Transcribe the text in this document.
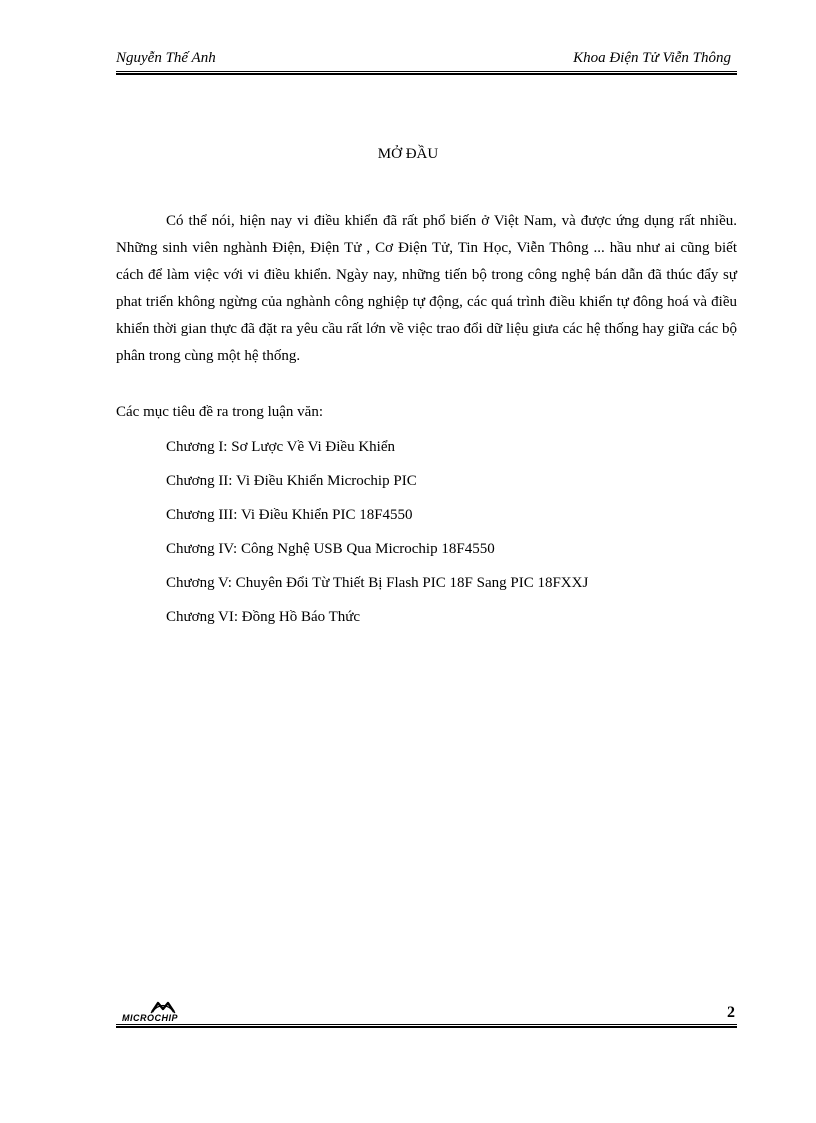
Nguyễn Thế Anh	Khoa Điện Tử Viễn Thông
MỞ ĐẦU

Có thể nói, hiện nay vi điều khiển đã rất phổ biến ở Việt Nam, và được ứng dụng rất nhiều. Những sinh viên nghành Điện, Điện Tử , Cơ Điện Tử, Tin Học, Viễn Thông ... hầu như ai cũng biết cách để làm việc với vi điều khiển. Ngày nay, những tiến bộ trong công nghệ bán dẫn đã thúc đẩy sự phat triển không ngừng của nghành công nghiệp tự động, các quá trình điều khiển tự đông hoá và điều khiển thời gian thực đã đặt ra yêu cầu rất lớn về việc trao đổi dữ liệu giưa các hệ thống hay giữa các bộ phân trong cùng một hệ thống.

Các mục tiêu đề ra trong luận văn:
Chương I: Sơ Lược Về Vi Điều Khiển
Chương II: Vi Điều Khiển Microchip PIC
Chương III: Vi Điều Khiển PIC 18F4550
Chương IV: Công Nghệ USB Qua Microchip 18F4550
Chương V: Chuyên Đổi Từ Thiết Bị Flash PIC 18F Sang PIC 18FXXJ
Chương VI: Đồng Hồ Báo Thức
MICROCHIP	2
